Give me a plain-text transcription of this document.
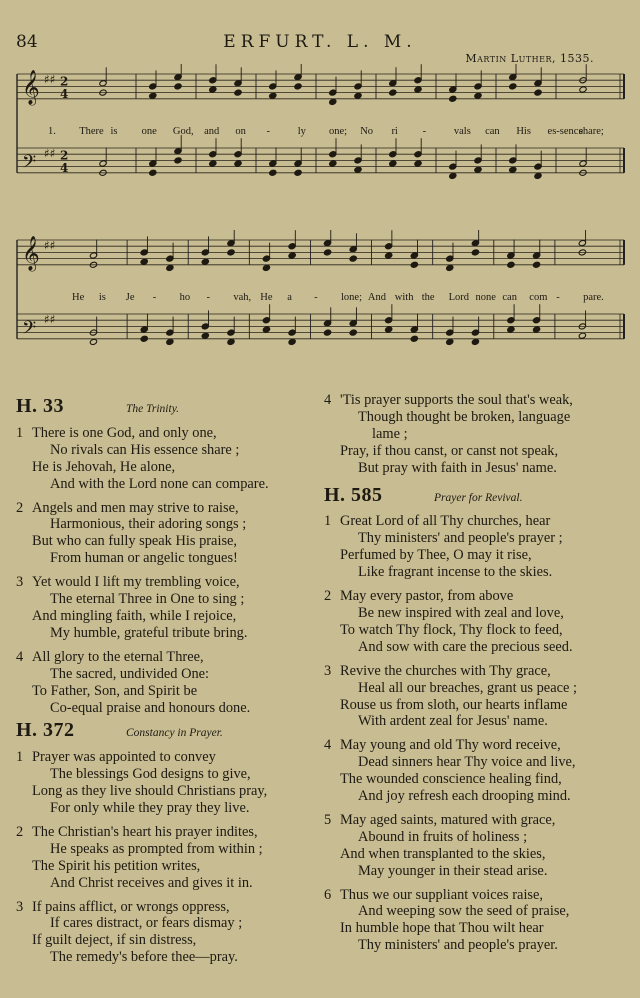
84	ERFURT. L. M.
Martin Luther, 1535.
𝄞 ♯♯ 2
4
𝄢 ♯♯ 2
4
1. There is one God, and on -	ly one; No ri -	vals can His es-sence
share;
𝄞 ♯♯
𝄢 ♯♯
He is Je - ho - vah, He a - lone; And with the Lord none can com - pare.
H. 33	The Trinity.
1 There is one God, and only one,
No rivals can His essence share ;
He is Jehovah, He alone,
And with the Lord none can compare.
2 Angels and men may strive to raise,
Harmonious, their adoring songs ;
But who can fully speak His praise,
From human or angelic tongues!
3 Yet would I lift my trembling voice,
The eternal Three in One to sing ;
And mingling faith, while I rejoice,
My humble, grateful tribute bring.
4 All glory to the eternal Three,
The sacred, undivided One:
To Father, Son, and Spirit be
Co-equal praise and honours done.
H. 372	Constancy in Prayer.
1 Prayer was appointed to convey
The blessings God designs to give,
Long as they live should Christians pray,
For only while they pray they live.
2 The Christian's heart his prayer indites,
He speaks as prompted from within ;
The Spirit his petition writes,
And Christ receives and gives it in.
3 If pains afflict, or wrongs oppress,
If cares distract, or fears dismay ;
If guilt deject, if sin distress,
The remedy's before thee—pray.
4 'Tis prayer supports the soul that's weak,
Though thought be broken, language
lame ;
Pray, if thou canst, or canst not speak,
But pray with faith in Jesus' name.
H. 585	Prayer for Revival.
1 Great Lord of all Thy churches, hear
Thy ministers' and people's prayer ;
Perfumed by Thee, O may it rise,
Like fragrant incense to the skies.
2 May every pastor, from above
Be new inspired with zeal and love,
To watch Thy flock, Thy flock to feed,
And sow with care the precious seed.
3 Revive the churches with Thy grace,
Heal all our breaches, grant us peace ;
Rouse us from sloth, our hearts inflame
With ardent zeal for Jesus' name.
4 May young and old Thy word receive,
Dead sinners hear Thy voice and live,
The wounded conscience healing find,
And joy refresh each drooping mind.
5 May aged saints, matured with grace,
Abound in fruits of holiness ;
And when transplanted to the skies,
May younger in their stead arise.
6 Thus we our suppliant voices raise,
And weeping sow the seed of praise,
In humble hope that Thou wilt hear
Thy ministers' and people's prayer.
